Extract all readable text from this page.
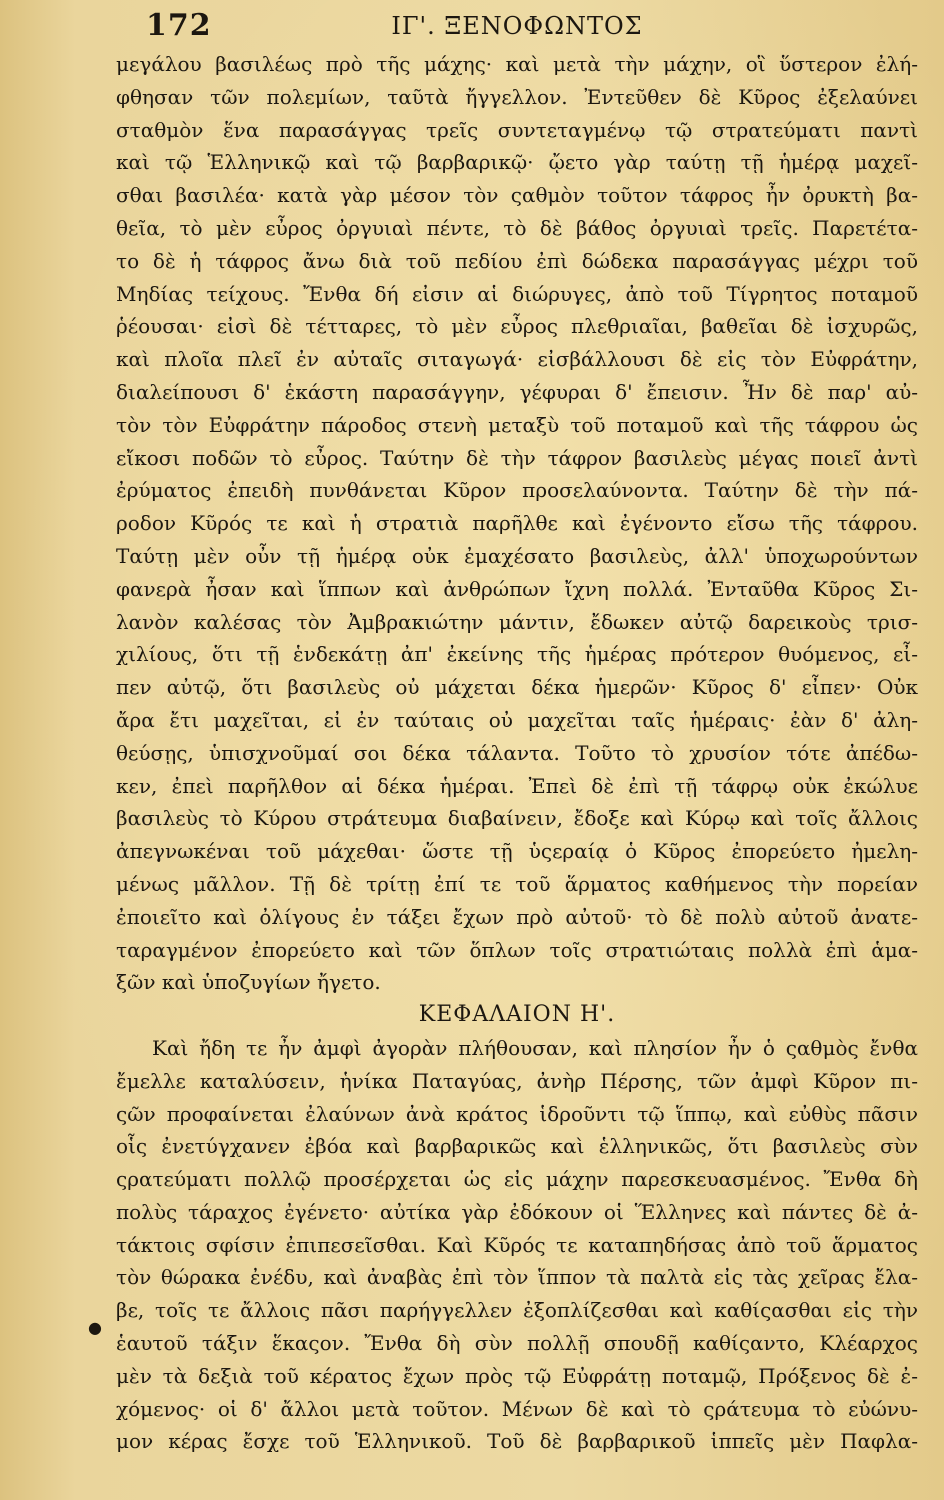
172	ΙΓ'. ΞΕΝΟΦΩΝΤΟΣ
μεγάλου βασιλέως πρὸ τῆς μάχης· καὶ μετὰ τὴν μάχην, οἳ ὕστερον ἐλή-
φθησαν τῶν πολεμίων, ταῦτὰ ἤγγελλον. Ἐντεῦθεν δὲ Κῦρος ἐξελαύνει
σταθμὸν ἕνα παρασάγγας τρεῖς συντεταγμένῳ τῷ στρατεύματι παντὶ
καὶ τῷ Ἑλληνικῷ καὶ τῷ βαρβαρικῷ· ᾤετο γὰρ ταύτῃ τῇ ἡμέρᾳ μαχεῖ-
σθαι βασιλέα· κατὰ γὰρ μέσον τὸν ςαθμὸν τοῦτον τάφρος ἦν ὀρυκτὴ βα-
θεῖα, τὸ μὲν εὖρος ὀργυιαὶ πέντε, τὸ δὲ βάθος ὀργυιαὶ τρεῖς. Παρετέτα-
το δὲ ἡ τάφρος ἄνω διὰ τοῦ πεδίου ἐπὶ δώδεκα παρασάγγας μέχρι τοῦ
Μηδίας τείχους. Ἔνθα δή εἰσιν αἱ διώρυγες, ἀπὸ τοῦ Τίγρητος ποταμοῦ
ῥέουσαι· εἰσὶ δὲ τέτταρες, τὸ μὲν εὖρος πλεθριαῖαι, βαθεῖαι δὲ ἰσχυρῶς,
καὶ πλοῖα πλεῖ ἐν αὐταῖς σιταγωγά· εἰσβάλλουσι δὲ εἰς τὸν Εὐφράτην,
διαλείπουσι δ' ἑκάστη παρασάγγην, γέφυραι δ' ἔπεισιν. Ἦν δὲ παρ' αὐ-
τὸν τὸν Εὐφράτην πάροδος στενὴ μεταξὺ τοῦ ποταμοῦ καὶ τῆς τάφρου ὡς
εἴκοσι ποδῶν τὸ εὖρος. Ταύτην δὲ τὴν τάφρον βασιλεὺς μέγας ποιεῖ ἀντὶ
ἐρύματος ἐπειδὴ πυνθάνεται Κῦρον προσελαύνοντα. Ταύτην δὲ τὴν πά-
ροδον Κῦρός τε καὶ ἡ στρατιὰ παρῆλθε καὶ ἐγένοντο εἴσω τῆς τάφρου.
Ταύτῃ μὲν οὖν τῇ ἡμέρᾳ οὐκ ἐμαχέσατο βασιλεὺς, ἀλλ' ὑποχωρούντων
φανερὰ ἦσαν καὶ ἵππων καὶ ἀνθρώπων ἴχνη πολλά. Ἐνταῦθα Κῦρος Σι-
λανὸν καλέσας τὸν Ἀμβρακιώτην μάντιν, ἔδωκεν αὐτῷ δαρεικοὺς τρισ-
χιλίους, ὅτι τῇ ἑνδεκάτῃ ἀπ' ἐκείνης τῆς ἡμέρας πρότερον θυόμενος, εἶ-
πεν αὐτῷ, ὅτι βασιλεὺς οὐ μάχεται δέκα ἡμερῶν· Κῦρος δ' εἶπεν· Οὐκ
ἄρα ἔτι μαχεῖται, εἰ ἐν ταύταις οὐ μαχεῖται ταῖς ἡμέραις· ἐὰν δ' ἀλη-
θεύσῃς, ὑπισχνοῦμαί σοι δέκα τάλαντα. Τοῦτο τὸ χρυσίον τότε ἀπέδω-
κεν, ἐπεὶ παρῆλθον αἱ δέκα ἡμέραι. Ἐπεὶ δὲ ἐπὶ τῇ τάφρῳ οὐκ ἐκώλυε
βασιλεὺς τὸ Κύρου στράτευμα διαβαίνειν, ἔδοξε καὶ Κύρῳ καὶ τοῖς ἄλλοις
ἀπεγνωκέναι τοῦ μάχεθαι· ὥστε τῇ ὑςεραίᾳ ὁ Κῦρος ἐπορεύετο ἠμελη-
μένως μᾶλλον. Τῇ δὲ τρίτῃ ἐπί τε τοῦ ἅρματος καθήμενος τὴν πορείαν
ἐποιεῖτο καὶ ὀλίγους ἐν τάξει ἔχων πρὸ αὐτοῦ· τὸ δὲ πολὺ αὐτοῦ ἀνατε-
ταραγμένον ἐπορεύετο καὶ τῶν ὅπλων τοῖς στρατιώταις πολλὰ ἐπὶ ἁμα-
ξῶν καὶ ὑποζυγίων ἤγετο.
ΚΕΦΑΛΑΙΟΝ Η'.
Καὶ ἤδη τε ἦν ἀμφὶ ἀγορὰν πλήθουσαν, καὶ πλησίον ἦν ὁ ςαθμὸς ἔνθα
ἔμελλε καταλύσειν, ἡνίκα Παταγύας, ἀνὴρ Πέρσης, τῶν ἀμφὶ Κῦρον πι-
ςῶν προφαίνεται ἐλαύνων ἀνὰ κράτος ἱδροῦντι τῷ ἵππῳ, καὶ εὐθὺς πᾶσιν
οἷς ἐνετύγχανεν ἐβόα καὶ βαρβαρικῶς καὶ ἑλληνικῶς, ὅτι βασιλεὺς σὺν
ςρατεύματι πολλῷ προσέρχεται ὡς εἰς μάχην παρεσκευασμένος. Ἔνθα δὴ
πολὺς τάραχος ἐγένετο· αὐτίκα γὰρ ἐδόκουν οἱ Ἕλληνες καὶ πάντες δὲ ἀ-
τάκτοις σφίσιν ἐπιπεσεῖσθαι. Καὶ Κῦρός τε καταπηδήσας ἀπὸ τοῦ ἅρματος
τὸν θώρακα ἐνέδυ, καὶ ἀναβὰς ἐπὶ τὸν ἵππον τὰ παλτὰ εἰς τὰς χεῖρας ἔλα-
βε, τοῖς τε ἄλλοις πᾶσι παρήγγελλεν ἐξοπλίζεσθαι καὶ καθίςασθαι εἰς τὴν
ἑαυτοῦ τάξιν ἕκαςον. Ἔνθα δὴ σὺν πολλῇ σπουδῇ καθίςαντο, Κλέαρχος
μὲν τὰ δεξιὰ τοῦ κέρατος ἔχων πρὸς τῷ Εὐφράτῃ ποταμῷ, Πρόξενος δὲ ἐ-
χόμενος· οἱ δ' ἄλλοι μετὰ τοῦτον. Μένων δὲ καὶ τὸ ςράτευμα τὸ εὐώνυ-
μον κέρας ἔσχε τοῦ Ἑλληνικοῦ. Τοῦ δὲ βαρβαρικοῦ ἱππεῖς μὲν Παφλα-
●
